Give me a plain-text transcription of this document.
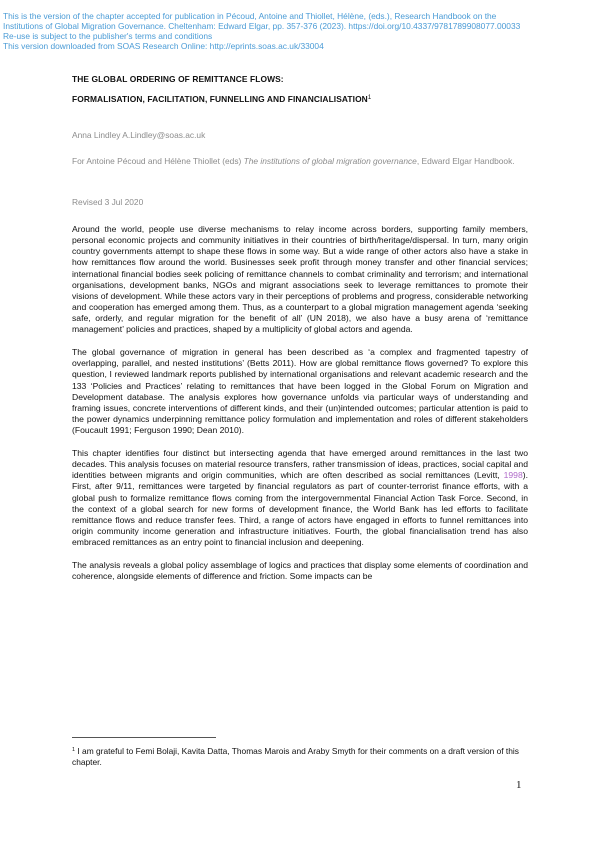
This is the version of the chapter accepted for publication in Pécoud, Antoine and Thiollet, Hélène, (eds.), Research Handbook on the
Institutions of Global Migration Governance. Cheltenham: Edward Elgar, pp. 357-376 (2023). https://doi.org/10.4337/9781789908077.00033
Re-use is subject to the publisher's terms and conditions
This version downloaded from SOAS Research Online: http://eprints.soas.ac.uk/33004
THE GLOBAL ORDERING OF REMITTANCE FLOWS:
FORMALISATION, FACILITATION, FUNNELLING AND FINANCIALISATION$^1$
Anna Lindley A.Lindley@soas.ac.uk
For Antoine Pécoud and Hélène Thiollet (eds) The institutions of global migration governance, Edward Elgar Handbook.
Revised 3 Jul 2020

Around the world, people use diverse mechanisms to relay income across borders, supporting family members, personal economic projects and community initiatives in their countries of birth/heritage/dispersal. In turn, many origin country governments attempt to shape these flows in some way. But a wide range of other actors also have a stake in how remittances flow around the world. Businesses seek profit through money transfer and other financial services; international financial bodies seek policing of remittance channels to combat criminality and terrorism; and international organisations, development banks, NGOs and migrant associations seek to leverage remittances to promote their visions of development. While these actors vary in their perceptions of problems and progress, considerable networking and cooperation has emerged among them. Thus, as a counterpart to a global migration management agenda ‘seeking safe, orderly, and regular migration for the benefit of all’ (UN 2018), we also have a busy arena of ‘remittance management’ policies and practices, shaped by a multiplicity of global actors and agenda.

The global governance of migration in general has been described as ‘a complex and fragmented tapestry of overlapping, parallel, and nested institutions’ (Betts 2011). How are global remittance flows governed? To explore this question, I reviewed landmark reports published by international organisations and relevant academic research and the 133 ‘Policies and Practices’ relating to remittances that have been logged in the Global Forum on Migration and Development database. The analysis explores how governance unfolds via particular ways of understanding and framing issues, concrete interventions of different kinds, and their (un)intended outcomes; particular attention is paid to the power dynamics underpinning remittance policy formulation and implementation and roles of different stakeholders (Foucault 1991; Ferguson 1990; Dean 2010).

This chapter identifies four distinct but intersecting agenda that have emerged around remittances in the last two decades. This analysis focuses on material resource transfers, rather transmission of ideas, practices, social capital and identities between migrants and origin communities, which are often described as social remittances (Levitt, 1998). First, after 9/11, remittances were targeted by financial regulators as part of counter-terrorist finance efforts, with a global push to formalize remittance flows coming from the intergovernmental Financial Action Task Force. Second, in the context of a global search for new forms of development finance, the World Bank has led efforts to facilitate remittance flows and reduce transfer fees. Third, a range of actors have engaged in efforts to funnel remittances into origin community income generation and infrastructure initiatives. Fourth, the global financialisation trend has also embraced remittances as an entry point to financial inclusion and deepening.

The analysis reveals a global policy assemblage of logics and practices that display some elements of coordination and coherence, alongside elements of difference and friction. Some impacts can be

$^1$ I am grateful to Femi Bolaji, Kavita Datta, Thomas Marois and Araby Smyth for their comments on a draft version of this chapter.
1
